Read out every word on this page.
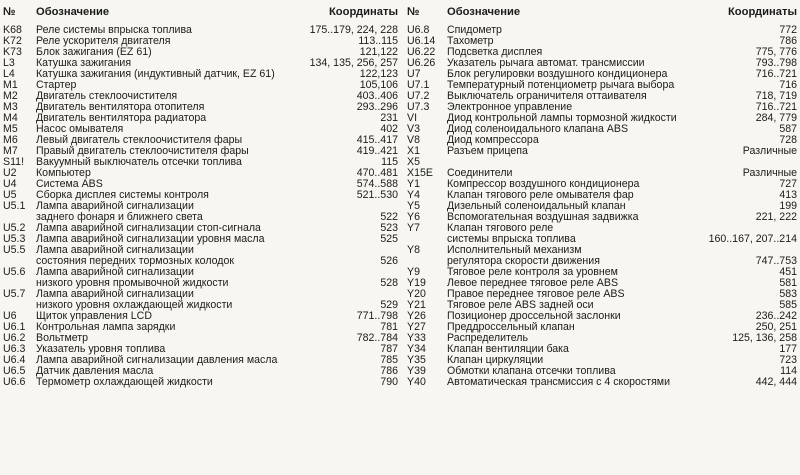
№	Обозначение	Координаты
K68	Реле системы впрыска топлива	175..179, 224, 228
K72	Реле ускорителя двигателя	113..115
K73	Блок зажигания (EZ 61)	121,122
L3	Катушка зажигания	134, 135, 256, 257
L4	Катушка зажигания (индуктивный датчик, EZ 61)	122,123
M1	Стартер	105,106
M2	Двигатель стеклоочистителя	403..406
M3	Двигатель вентилятора отопителя	293..296
M4	Двигатель вентилятора радиатора	231
M5	Насос омывателя	402
M6	Левый двигатель стеклоочистителя фары	415..417
M7	Правый двигатель стеклоочистителя фары	419..421
S11!	Вакуумный выключатель отсечки топлива	115
U2	Компьютер	470..481
U4	Система ABS	574..588
U5	Сборка дисплея системы контроля	521..530
U5.1	Лампа аварийной сигнализации
заднего фонаря и ближнего света	522
U5.2	Лампа аварийной сигнализации стоп-сигнала	523
U5.3	Лампа аварийной сигнализации уровня масла	525
U5.5	Лампа аварийной сигнализации
состояния передних тормозных колодок	526
U5.6	Лампа аварийной сигнализации
низкого уровня промывочной жидкости	528
U5.7	Лампа аварийной сигнализации
низкого уровня охлаждающей жидкости	529
U6	Щиток управления LCD	771..798
U6.1	Контрольная лампа зарядки	781
U6.2	Вольтметр	782..784
U6.3	Указатель уровня топлива	787
U6.4	Лампа аварийной сигнализации давления масла	785
U6.5	Датчик давления масла	786
U6.6	Термометр охлаждающей жидкости	790
№	Обозначение	Координаты
U6.8	Спидометр	772
U6.14	Тахометр	786
U6.22	Подсветка дисплея	775, 776
U6.26	Указатель рычага автомат. трансмиссии	793..798
U7	Блок регулировки воздушного кондиционера	716..721
U7.1	Температурный потенциометр рычага выбора	716
U7.2	Выключатель ограничителя оттаивателя	718, 719
U7.3	Электронное управление	716..721
VI	Диод контрольной лампы тормозной жидкости	284, 779
V3	Диод соленоидального клапана ABS	587
V8	Диод компрессора	728
X1	Разъем прицепа	Различные
X5
X15E	Соединители	Различные
Y1	Компрессор воздушного кондиционера	727
Y4	Клапан тягового реле омывателя фар	413
Y5	Дизельный соленоидальный клапан	199
Y6	Вспомогательная воздушная задвижка	221, 222
Y7	Клапан тягового реле
системы впрыска топлива	160..167, 207..214
Y8	Исполнительный механизм
регулятора скорости движения	747..753
Y9	Тяговое реле контроля за уровнем	451
Y19	Левое переднее тяговое реле ABS	581
Y20	Правое переднее тяговое реле ABS	583
Y21	Тяговое реле ABS задней оси	585
Y26	Позиционер дроссельной заслонки	236..242
Y27	Преддроссельный клапан	250, 251
Y33	Распределитель	125, 136, 258
Y34	Клапан вентиляции бака	177
Y35	Клапан циркуляции	723
Y39	Обмотки клапана отсечки топлива	114
Y40	Автоматическая трансмиссия с 4 скоростями	442, 444
